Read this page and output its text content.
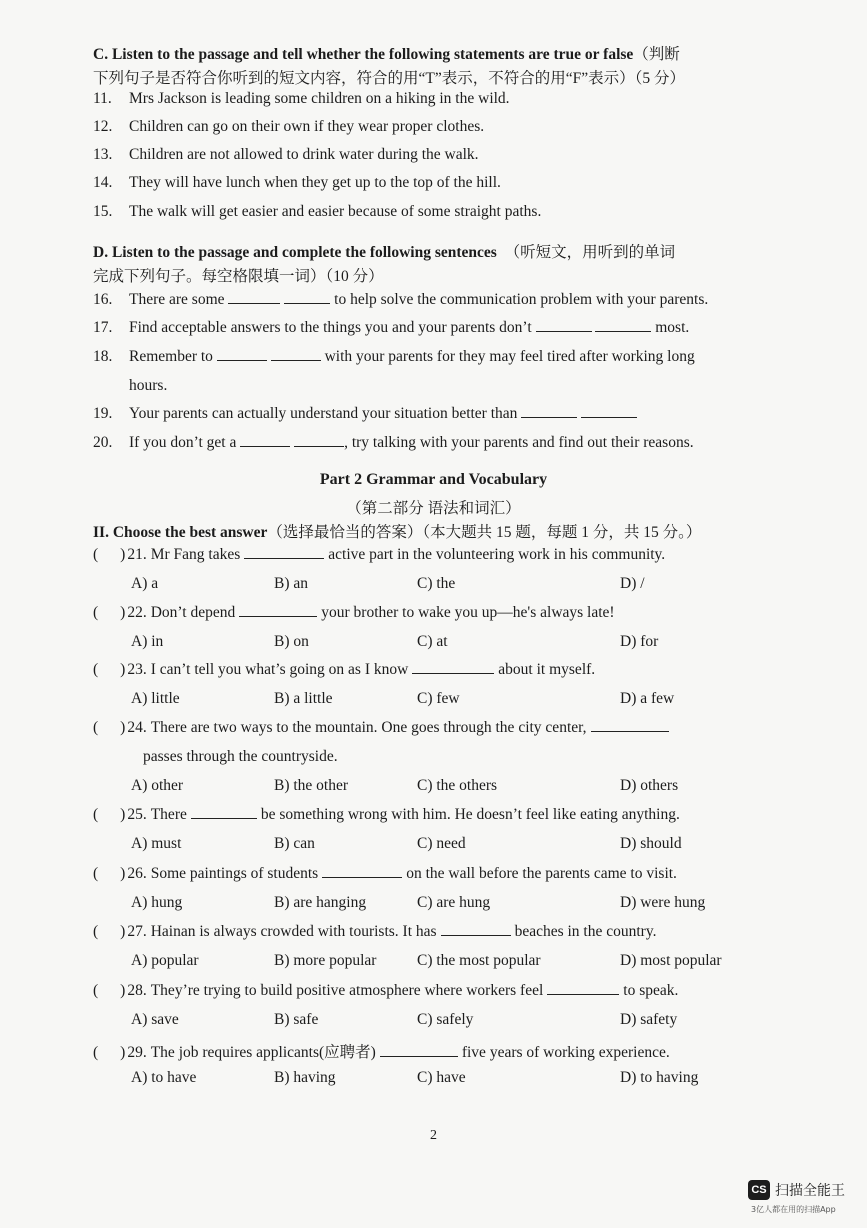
C. Listen to the passage and tell whether the following statements are true or false（判断
下列句子是否符合你听到的短文内容，符合的用“T”表示，不符合的用“F”表示）（5 分）
11. Mrs Jackson is leading some children on a hiking in the wild.
12. Children can go on their own if they wear proper clothes.
13. Children are not allowed to drink water during the walk.
14. They will have lunch when they get up to the top of the hill.
15. The walk will get easier and easier because of some straight paths.
D. Listen to the passage and complete the following sentences （听短文，用听到的单词
完成下列句子。每空格限填一词）（10 分）
16. There are some	to help solve the communication problem with your parents.
17. Find acceptable answers to the things you and your parents don’t	most.
18. Remember to	with your parents for they may feel tired after working long
hours.
19. Your parents can actually understand your situation better than
20. If you don’t get a	, try talking with your parents and find out their reasons.
Part 2 Grammar and Vocabulary
（第二部分 语法和词汇）
II. Choose the best answer（选择最恰当的答案）（本大题共 15 题，每题 1 分，共 15 分。）
( ) 21. Mr Fang takes	active part in the volunteering work in his community.
A) a	B) an	C) the	D) /
( ) 22. Don’t depend	your brother to wake you up—he's always late!
A) in	B) on	C) at	D) for
( ) 23. I can’t tell you what’s going on as I know	about it myself.
A) little	B) a little	C) few	D) a few
( ) 24. There are two ways to the mountain. One goes through the city center,
passes through the countryside.
A) other	B) the other	C) the others	D) others
( ) 25. There	be something wrong with him. He doesn’t feel like eating anything.
A) must	B) can	C) need	D) should
( ) 26. Some paintings of students	on the wall before the parents came to visit.
A) hung	B) are hanging	C) are hung	D) were hung
( ) 27. Hainan is always crowded with tourists. It has	beaches in the country.
A) popular	B) more popular	C) the most popular	D) most popular
( ) 28. They’re trying to build positive atmosphere where workers feel	to speak.
A) save	B) safe	C) safely	D) safety
( ) 29. The job requires applicants(应聘者)	five years of working experience.
A) to have	B) having	C) have	D) to having
2
CS 扫描全能王
3亿人都在用的扫描App
